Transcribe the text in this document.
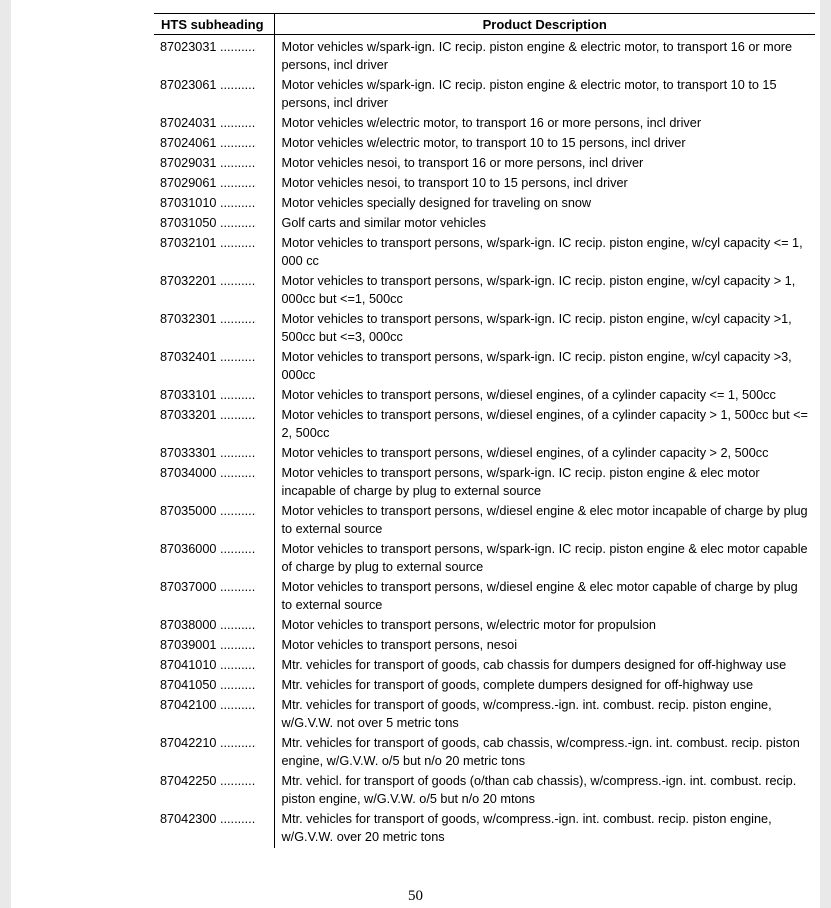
HTS subheading	Product Description
87023031 ..........	Motor vehicles w/spark-ign. IC recip. piston engine & electric motor, to transport 16 or more persons, incl driver
87023061 ..........	Motor vehicles w/spark-ign. IC recip. piston engine & electric motor, to transport 10 to 15 persons, incl driver
87024031 ..........	Motor vehicles w/electric motor, to transport 16 or more persons, incl driver
87024061 ..........	Motor vehicles w/electric motor, to transport 10 to 15 persons, incl driver
87029031 ..........	Motor vehicles nesoi, to transport 16 or more persons, incl driver
87029061 ..........	Motor vehicles nesoi, to transport 10 to 15 persons, incl driver
87031010 ..........	Motor vehicles specially designed for traveling on snow
87031050 ..........	Golf carts and similar motor vehicles
87032101 ..........	Motor vehicles to transport persons, w/spark-ign. IC recip. piston engine, w/cyl capacity <= 1, 000 cc
87032201 ..........	Motor vehicles to transport persons, w/spark-ign. IC recip. piston engine, w/cyl capacity > 1, 000cc but <=1, 500cc
87032301 ..........	Motor vehicles to transport persons, w/spark-ign. IC recip. piston engine, w/cyl capacity >1, 500cc but <=3, 000cc
87032401 ..........	Motor vehicles to transport persons, w/spark-ign. IC recip. piston engine, w/cyl capacity >3, 000cc
87033101 ..........	Motor vehicles to transport persons, w/diesel engines, of a cylinder capacity <= 1, 500cc
87033201 ..........	Motor vehicles to transport persons, w/diesel engines, of a cylinder capacity > 1, 500cc but <= 2, 500cc
87033301 ..........	Motor vehicles to transport persons, w/diesel engines, of a cylinder capacity > 2, 500cc
87034000 ..........	Motor vehicles to transport persons, w/spark-ign. IC recip. piston engine & elec motor incapable of charge by plug to external source
87035000 ..........	Motor vehicles to transport persons, w/diesel engine & elec motor incapable of charge by plug to external source
87036000 ..........	Motor vehicles to transport persons, w/spark-ign. IC recip. piston engine & elec motor capable of charge by plug to external source
87037000 ..........	Motor vehicles to transport persons, w/diesel engine & elec motor capable of charge by plug to external source
87038000 ..........	Motor vehicles to transport persons, w/electric motor for propulsion
87039001 ..........	Motor vehicles to transport persons, nesoi
87041010 ..........	Mtr. vehicles for transport of goods, cab chassis for dumpers designed for off-highway use
87041050 ..........	Mtr. vehicles for transport of goods, complete dumpers designed for off-highway use
87042100 ..........	Mtr. vehicles for transport of goods, w/compress.-ign. int. combust. recip. piston engine, w/G.V.W. not over 5 metric tons
87042210 ..........	Mtr. vehicles for transport of goods, cab chassis, w/compress.-ign. int. combust. recip. piston engine, w/G.V.W. o/5 but n/o 20 metric tons
87042250 ..........	Mtr. vehicl. for transport of goods (o/than cab chassis), w/compress.-ign. int. combust. recip. piston engine, w/G.V.W. o/5 but n/o 20 mtons
87042300 ..........	Mtr. vehicles for transport of goods, w/compress.-ign. int. combust. recip. piston engine, w/G.V.W. over 20 metric tons
50
